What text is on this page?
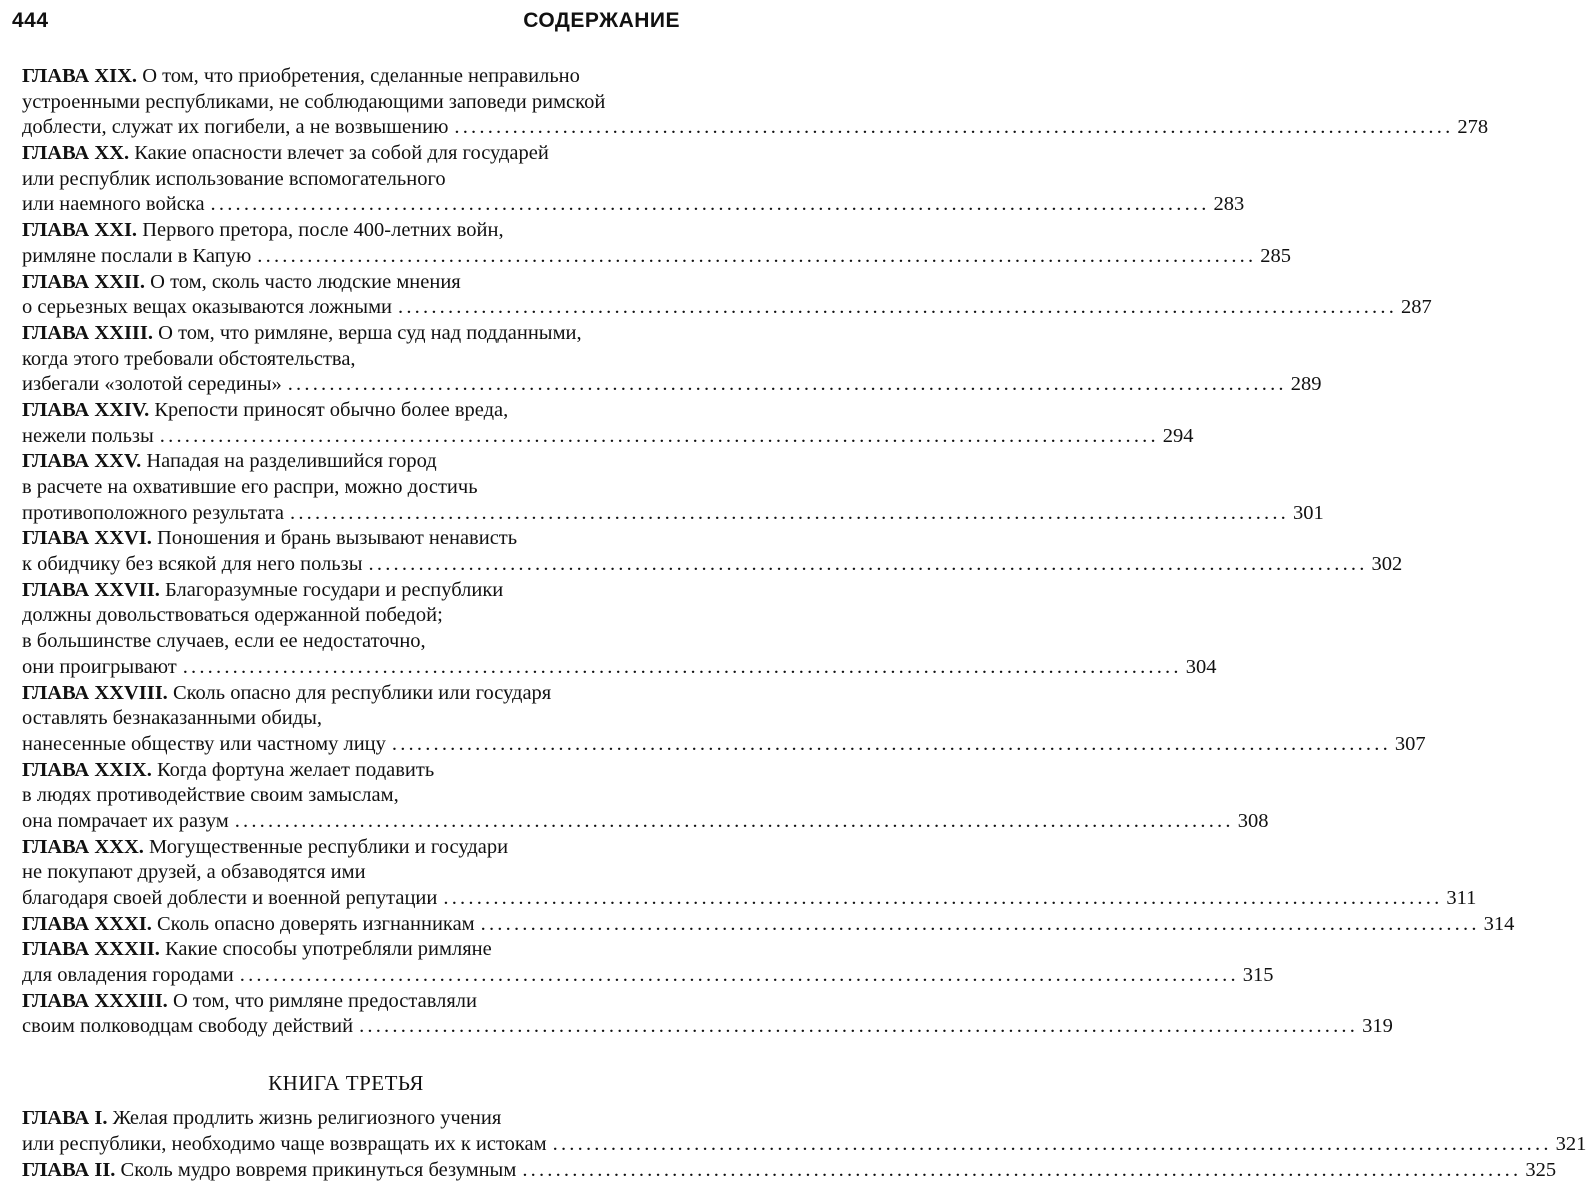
444	СОДЕРЖАНИЕ
ГЛАВА XIX. О том, что приобретения, сделанные неправильно
устроенными республиками, не соблюдающими заповеди римской
доблести, служат их погибели, а не возвышению ........................................................................................................................ 278
ГЛАВА XX. Какие опасности влечет за собой для государей
или республик использование вспомогательного
или наемного войска ........................................................................................................................ 283
ГЛАВА XXI. Первого претора, после 400-летних войн,
римляне послали в Капую ........................................................................................................................ 285
ГЛАВА XXII. О том, сколь часто людские мнения
о серьезных вещах оказываются ложными ........................................................................................................................ 287
ГЛАВА XXIII. О том, что римляне, верша суд над подданными,
когда этого требовали обстоятельства,
избегали «золотой середины» ........................................................................................................................ 289
ГЛАВА XXIV. Крепости приносят обычно более вреда,
нежели пользы ........................................................................................................................ 294
ГЛАВА XXV. Нападая на разделившийся город
в расчете на охватившие его распри, можно достичь
противоположного результата ........................................................................................................................ 301
ГЛАВА XXVI. Поношения и брань вызывают ненависть
к обидчику без всякой для него пользы ........................................................................................................................ 302
ГЛАВА XXVII. Благоразумные государи и республики
должны довольствоваться одержанной победой;
в большинстве случаев, если ее недостаточно,
они проигрывают ........................................................................................................................ 304
ГЛАВА XXVIII. Сколь опасно для республики или государя
оставлять безнаказанными обиды,
нанесенные обществу или частному лицу ........................................................................................................................ 307
ГЛАВА XXIX. Когда фортуна желает подавить
в людях противодействие своим замыслам,
она помрачает их разум ........................................................................................................................ 308
ГЛАВА XXX. Могущественные республики и государи
не покупают друзей, а обзаводятся ими
благодаря своей доблести и военной репутации ........................................................................................................................ 311
ГЛАВА XXXI. Сколь опасно доверять изгнанникам ........................................................................................................................ 314
ГЛАВА XXXII. Какие способы употребляли римляне
для овладения городами ........................................................................................................................ 315
ГЛАВА XXXIII. О том, что римляне предоставляли
своим полководцам свободу действий ........................................................................................................................ 319
КНИГА ТРЕТЬЯ
ГЛАВА I. Желая продлить жизнь религиозного учения
или республики, необходимо чаще возвращать их к истокам ........................................................................................................................ 321
ГЛАВА II. Сколь мудро вовремя прикинуться безумным ........................................................................................................................ 325
